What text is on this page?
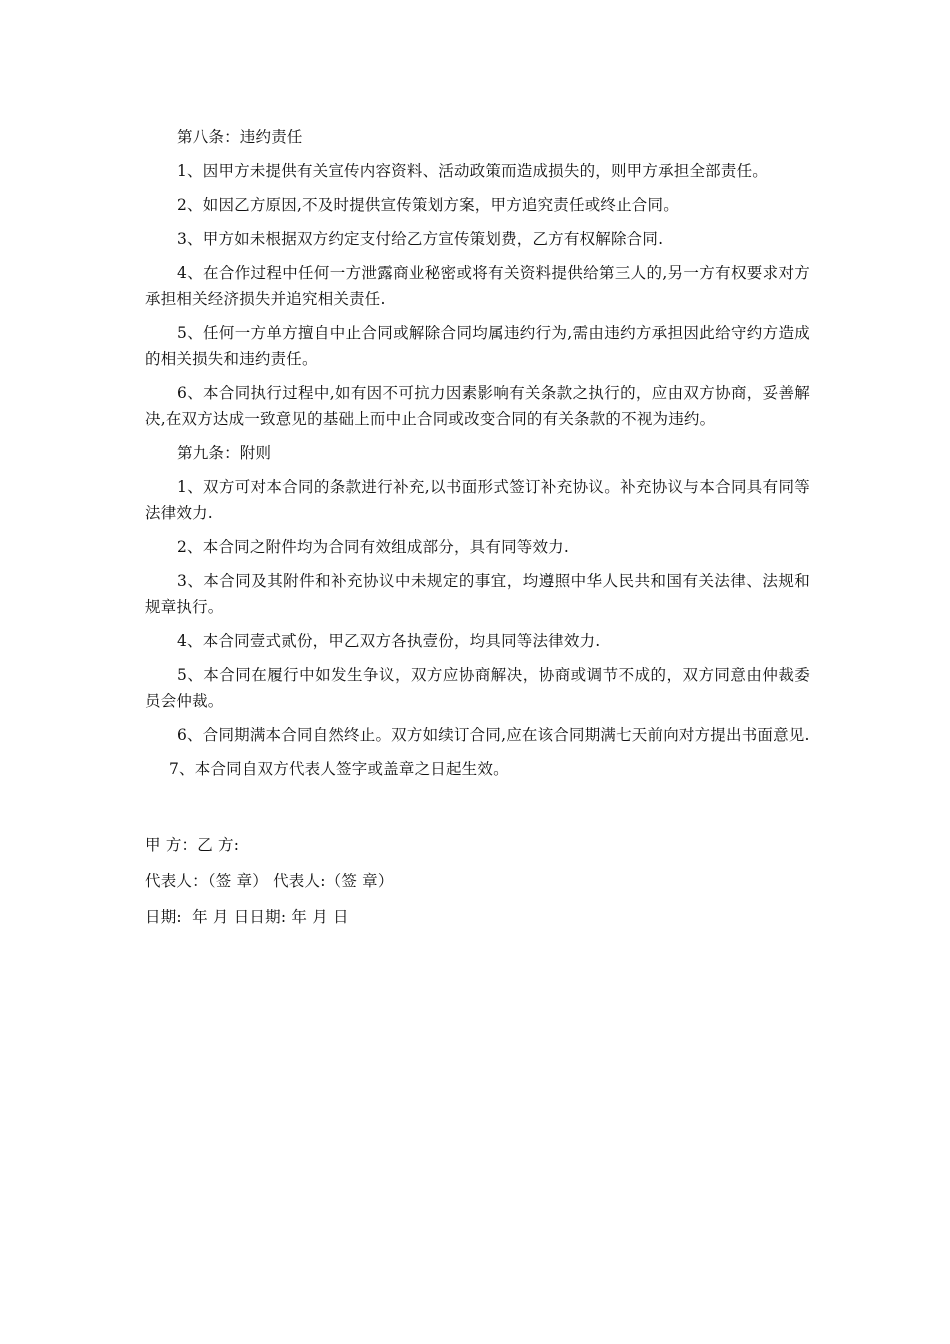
第八条：违约责任

1、因甲方未提供有关宣传内容资料、活动政策而造成损失的，则甲方承担全部责任。

2、如因乙方原因,不及时提供宣传策划方案，甲方追究责任或终止合同。

3、甲方如未根据双方约定支付给乙方宣传策划费，乙方有权解除合同.

4、在合作过程中任何一方泄露商业秘密或将有关资料提供给第三人的,另一方有权要求对方承担相关经济损失并追究相关责任.

5、任何一方单方擅自中止合同或解除合同均属违约行为,需由违约方承担因此给守约方造成的相关损失和违约责任。

6、本合同执行过程中,如有因不可抗力因素影响有关条款之执行的，应由双方协商，妥善解决,在双方达成一致意见的基础上而中止合同或改变合同的有关条款的不视为违约。

第九条：附则

1、双方可对本合同的条款进行补充,以书面形式签订补充协议。补充协议与本合同具有同等法律效力.

2、本合同之附件均为合同有效组成部分，具有同等效力.

3、本合同及其附件和补充协议中未规定的事宜，均遵照中华人民共和国有关法律、法规和规章执行。

4、本合同壹式贰份，甲乙双方各执壹份，均具同等法律效力.

5、本合同在履行中如发生争议，双方应协商解决，协商或调节不成的，双方同意由仲裁委员会仲裁。

6、合同期满本合同自然终止。双方如续订合同,应在该合同期满七天前向对方提出书面意见.

7、本合同自双方代表人签字或盖章之日起生效。

甲 方：乙 方:

代表人：（签 章） 代表人:（签 章）

日期:  年 月 日日期: 年 月 日
